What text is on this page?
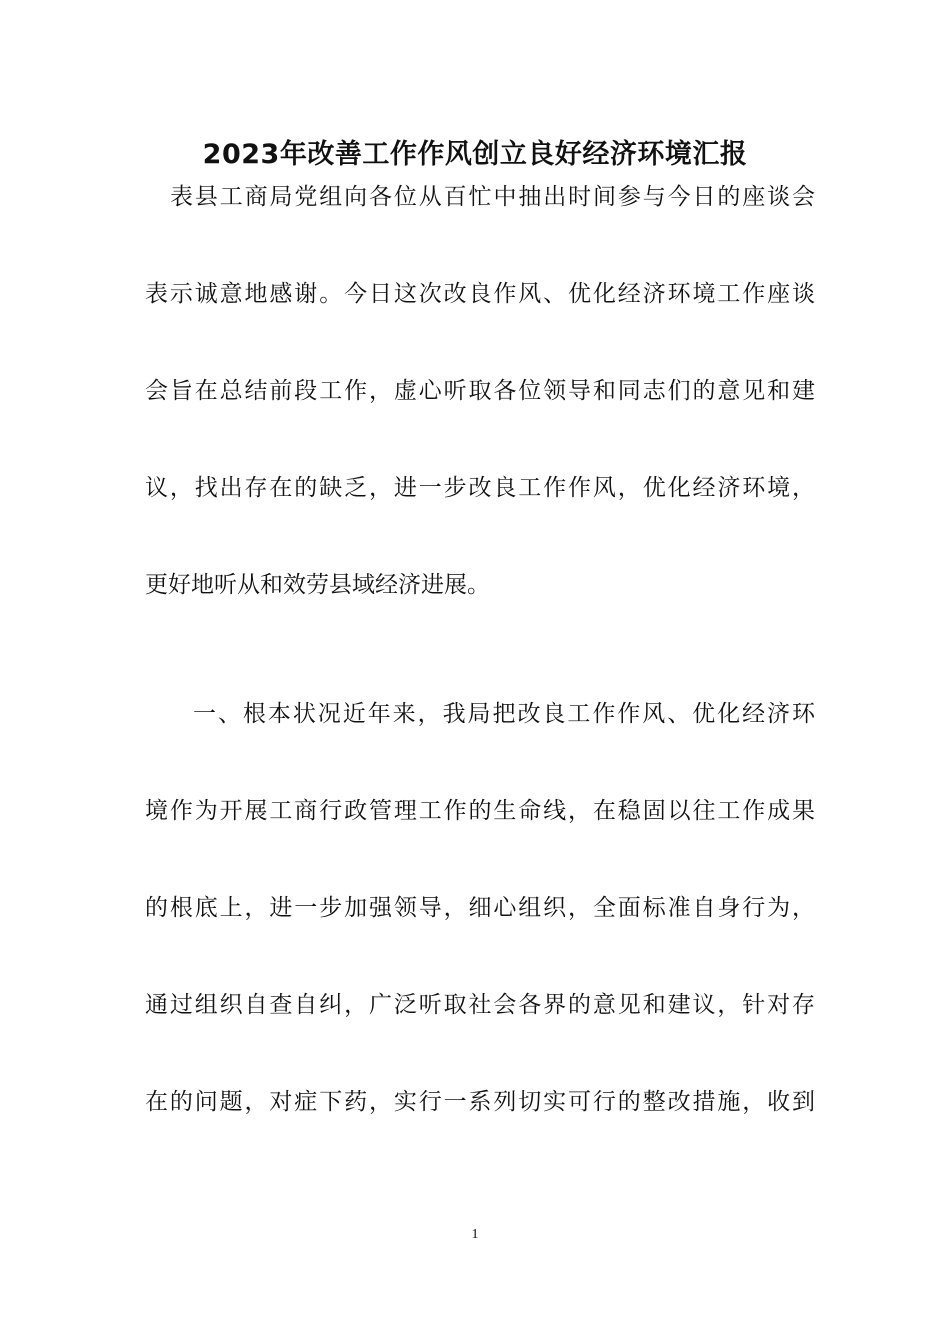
2023年改善工作作风创立良好经济环境汇报
表县工商局党组向各位从百忙中抽出时间参与今日的座谈会
表示诚意地感谢。今日这次改良作风、优化经济环境工作座谈
会旨在总结前段工作，虚心听取各位领导和同志们的意见和建
议，找出存在的缺乏，进一步改良工作作风，优化经济环境，
更好地听从和效劳县域经济进展。
一、根本状况近年来，我局把改良工作作风、优化经济环
境作为开展工商行政管理工作的生命线，在稳固以往工作成果
的根底上，进一步加强领导，细心组织，全面标准自身行为，
通过组织自查自纠，广泛听取社会各界的意见和建议，针对存
在的问题，对症下药，实行一系列切实可行的整改措施，收到
1
